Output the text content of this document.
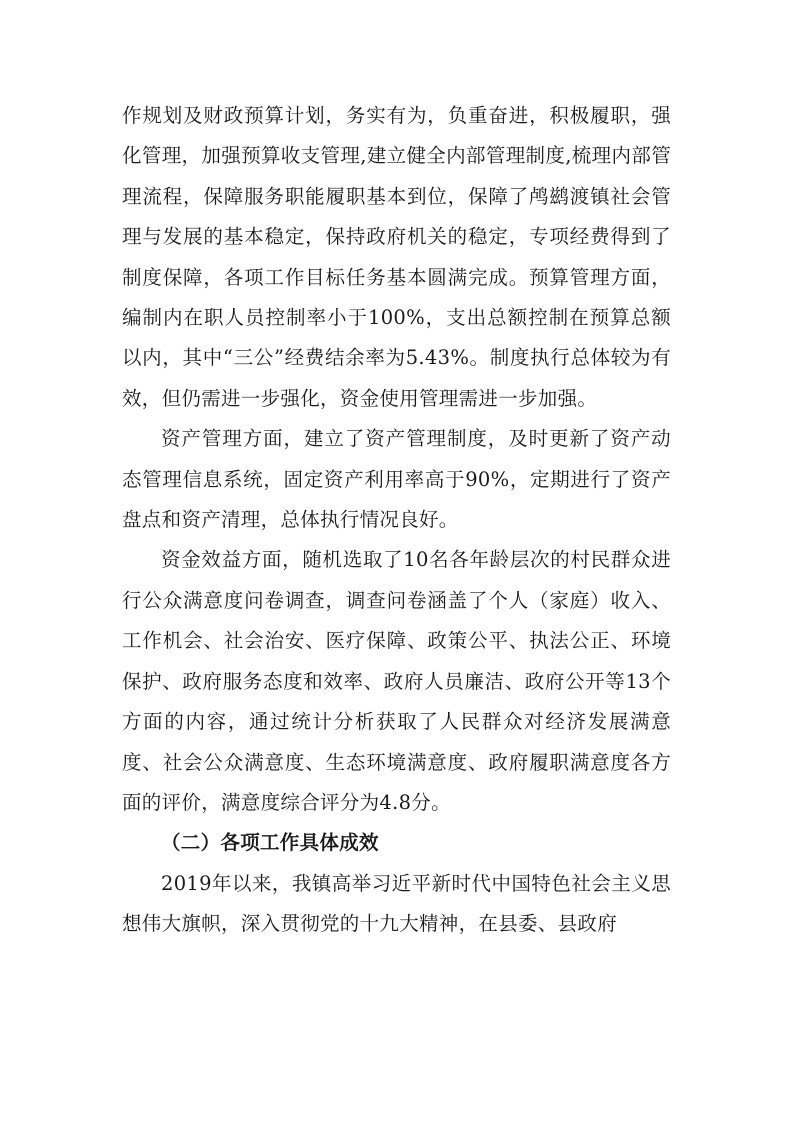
作规划及财政预算计划，务实有为，负重奋进，积极履职，强化管理，加强预算收支管理,建立健全内部管理制度,梳理内部管理流程，保障服务职能履职基本到位，保障了鸬鹚渡镇社会管理与发展的基本稳定，保持政府机关的稳定，专项经费得到了制度保障，各项工作目标任务基本圆满完成。预算管理方面，编制内在职人员控制率小于100%，支出总额控制在预算总额以内，其中“三公”经费结余率为5.43%。制度执行总体较为有效，但仍需进一步强化，资金使用管理需进一步加强。

资产管理方面，建立了资产管理制度，及时更新了资产动态管理信息系统，固定资产利用率高于90%，定期进行了资产盘点和资产清理，总体执行情况良好。

资金效益方面，随机选取了10名各年龄层次的村民群众进行公众满意度问卷调查，调查问卷涵盖了个人（家庭）收入、工作机会、社会治安、医疗保障、政策公平、执法公正、环境保护、政府服务态度和效率、政府人员廉洁、政府公开等13个方面的内容，通过统计分析获取了人民群众对经济发展满意度、社会公众满意度、生态环境满意度、政府履职满意度各方面的评价，满意度综合评分为4.8分。

（二）各项工作具体成效

2019年以来，我镇高举习近平新时代中国特色社会主义思想伟大旗帜，深入贯彻党的十九大精神，在县委、县政府
